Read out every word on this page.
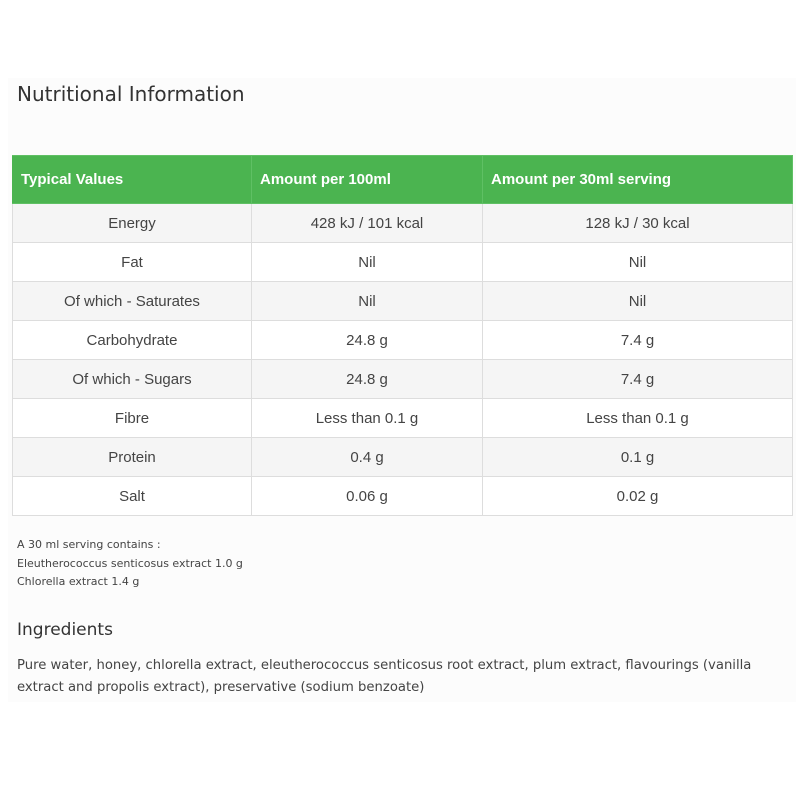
Nutritional Information
Typical Values	Amount per 100ml	Amount per 30ml serving
Energy	428 kJ / 101 kcal	128 kJ / 30 kcal
Fat	Nil	Nil
Of which - Saturates	Nil	Nil
Carbohydrate	24.8 g	7.4 g
Of which - Sugars	24.8 g	7.4 g
Fibre	Less than 0.1 g	Less than 0.1 g
Protein	0.4 g	0.1 g
Salt	0.06 g	0.02 g
A 30 ml serving contains :
Eleutherococcus senticosus extract 1.0 g
Chlorella extract 1.4 g
Ingredients

Pure water, honey, chlorella extract, eleutherococcus senticosus root extract, plum extract, flavourings (vanilla extract and propolis extract), preservative (sodium benzoate)
